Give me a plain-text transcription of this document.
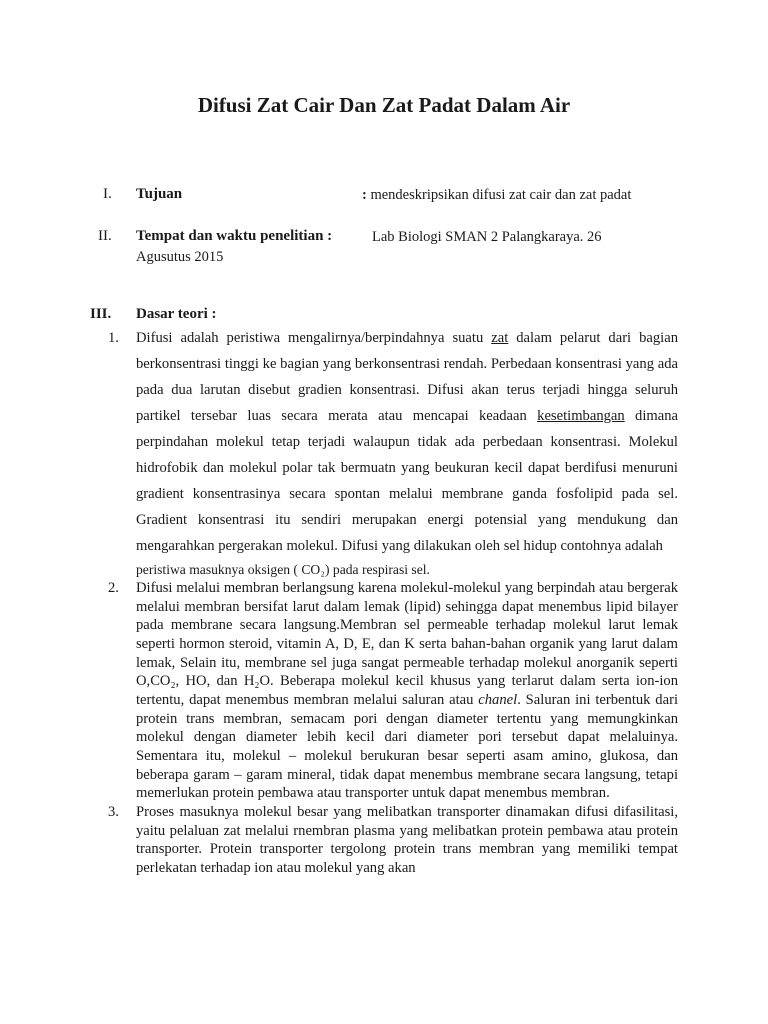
Difusi Zat Cair Dan Zat Padat Dalam Air
I. Tujuan	: mendeskripsikan difusi zat cair dan zat padat
II. Tempat dan waktu penelitian :	Lab Biologi SMAN 2 Palangkaraya. 26
Agusutus 2015
III. Dasar teori :
1. Difusi adalah peristiwa mengalirnya/berpindahnya suatu zat dalam pelarut dari bagian berkonsentrasi tinggi ke bagian yang berkonsentrasi rendah. Perbedaan konsentrasi yang ada pada dua larutan disebut gradien konsentrasi. Difusi akan terus terjadi hingga seluruh partikel tersebar luas secara merata atau mencapai keadaan kesetimbangan dimana perpindahan molekul tetap terjadi walaupun tidak ada perbedaan konsentrasi. Molekul hidrofobik dan molekul polar tak bermuatn yang beukuran kecil dapat berdifusi menuruni gradient konsentrasinya secara spontan melalui membrane ganda fosfolipid pada sel. Gradient konsentrasi itu sendiri merupakan energi potensial yang mendukung dan mengarahkan pergerakan molekul. Difusi yang dilakukan oleh sel hidup contohnya adalah
peristiwa masuknya oksigen ( CO₂) pada respirasi sel.
2. Difusi melalui membran berlangsung karena molekul-molekul yang berpindah atau bergerak melalui membran bersifat larut dalam lemak (lipid) sehingga dapat menembus lipid bilayer pada membrane secara langsung.Membran sel permeable terhadap molekul larut lemak seperti hormon steroid, vitamin A, D, E, dan K serta bahan-bahan organik yang larut dalam lemak, Selain itu, membrane sel juga sangat permeable terhadap molekul anorganik seperti O,CO₂, HO, dan H₂O. Beberapa molekul kecil khusus yang terlarut dalam serta ion-ion tertentu, dapat menembus membran melalui saluran atau chanel. Saluran ini terbentuk dari protein trans membran, semacam pori dengan diameter tertentu yang memungkinkan molekul dengan diameter lebih kecil dari diameter pori tersebut dapat melaluinya. Sementara itu, molekul – molekul berukuran besar seperti asam amino, glukosa, dan beberapa garam – garam mineral, tidak dapat menembus membrane secara langsung, tetapi memerlukan protein pembawa atau transporter untuk dapat menembus membran.
3. Proses masuknya molekul besar yang melibatkan transporter dinamakan difusi difasilitasi, yaitu pelaluan zat melalui rnembran plasma yang melibatkan protein pembawa atau protein transporter. Protein transporter tergolong protein trans membran yang memiliki tempat perlekatan terhadap ion atau molekul yang akan
